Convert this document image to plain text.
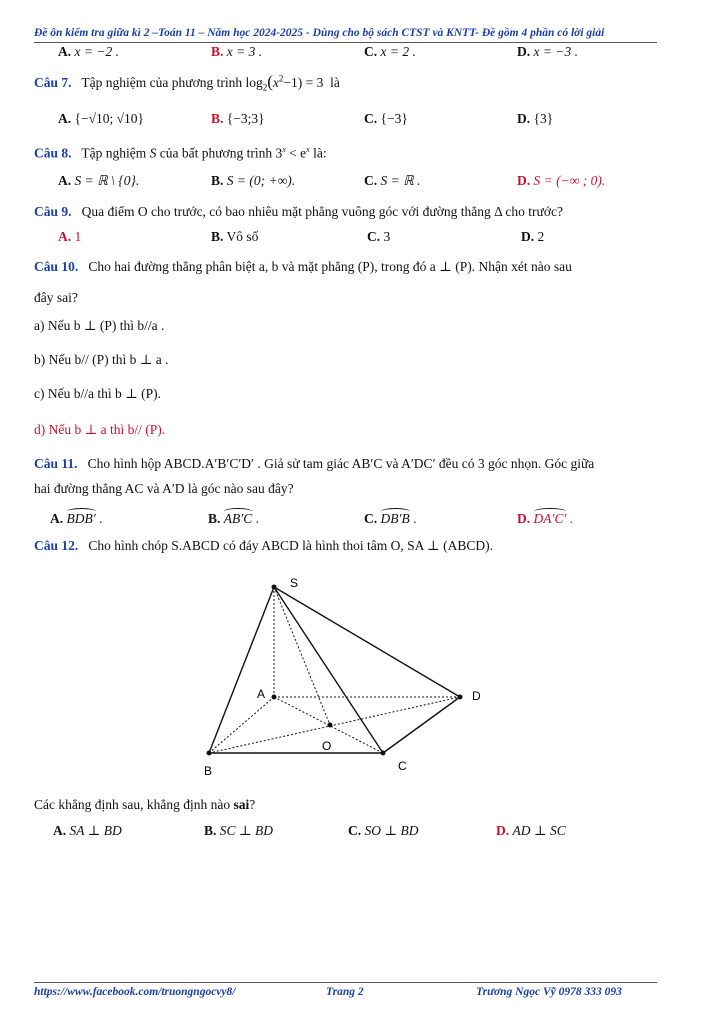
Đề ôn kiểm tra giữa kì 2 –Toán 11 – Năm học 2024-2025 - Dùng cho bộ sách CTST và KNTT- Đề gồm 4 phần có lời giải
A. x = −2 .	B. x = 3 .	C. x = 2 .	D. x = −3 .
Câu 7. Tập nghiệm của phương trình $\log_2(x^2-1) = 3$ là
A. {−√10; √10}	B. {−3;3}	C. {−3}	D. {3}
Câu 8. Tập nghiệm S của bất phương trình $3^x < e^x$ là:
A. S = ℝ \ {0}.	B. S = (0; +∞).	C. S = ℝ .	D. S = (−∞ ; 0).
Câu 9. Qua điểm O cho trước, có bao nhiêu mặt phẳng vuông góc với đường thẳng Δ cho trước?
A. 1	B. Vô số	C. 3	D. 2
Câu 10. Cho hai đường thẳng phân biệt a, b và mặt phẳng (P), trong đó a ⊥ (P). Nhận xét nào sau
đây sai?
a) Nếu b ⊥ (P) thì b//a .
b) Nếu b// (P) thì b ⊥ a .
c) Nếu b//a thì b ⊥ (P).
d) Nếu b ⊥ a thì b// (P).
Câu 11. Cho hình hộp ABCD.A′B′C′D′ . Giả sử tam giác AB′C và A′DC′ đều có 3 góc nhọn. Góc giữa
hai đường thẳng AC và A′D là góc nào sau đây?
A. BDB′ .	B. AB′C .	C. DB′B .	D. DA′C′ .
Câu 12. Cho hình chóp S.ABCD có đáy ABCD là hình thoi tâm O, SA ⊥ (ABCD).
S
A
B	C
D
O
Các khẳng định sau, khẳng định nào sai?
A. SA ⊥ BD	B. SC ⊥ BD	C. SO ⊥ BD	D. AD ⊥ SC
https://www.facebook.com/truongngocvy8/	Trang 2	Trương Ngọc Vỹ 0978 333 093
